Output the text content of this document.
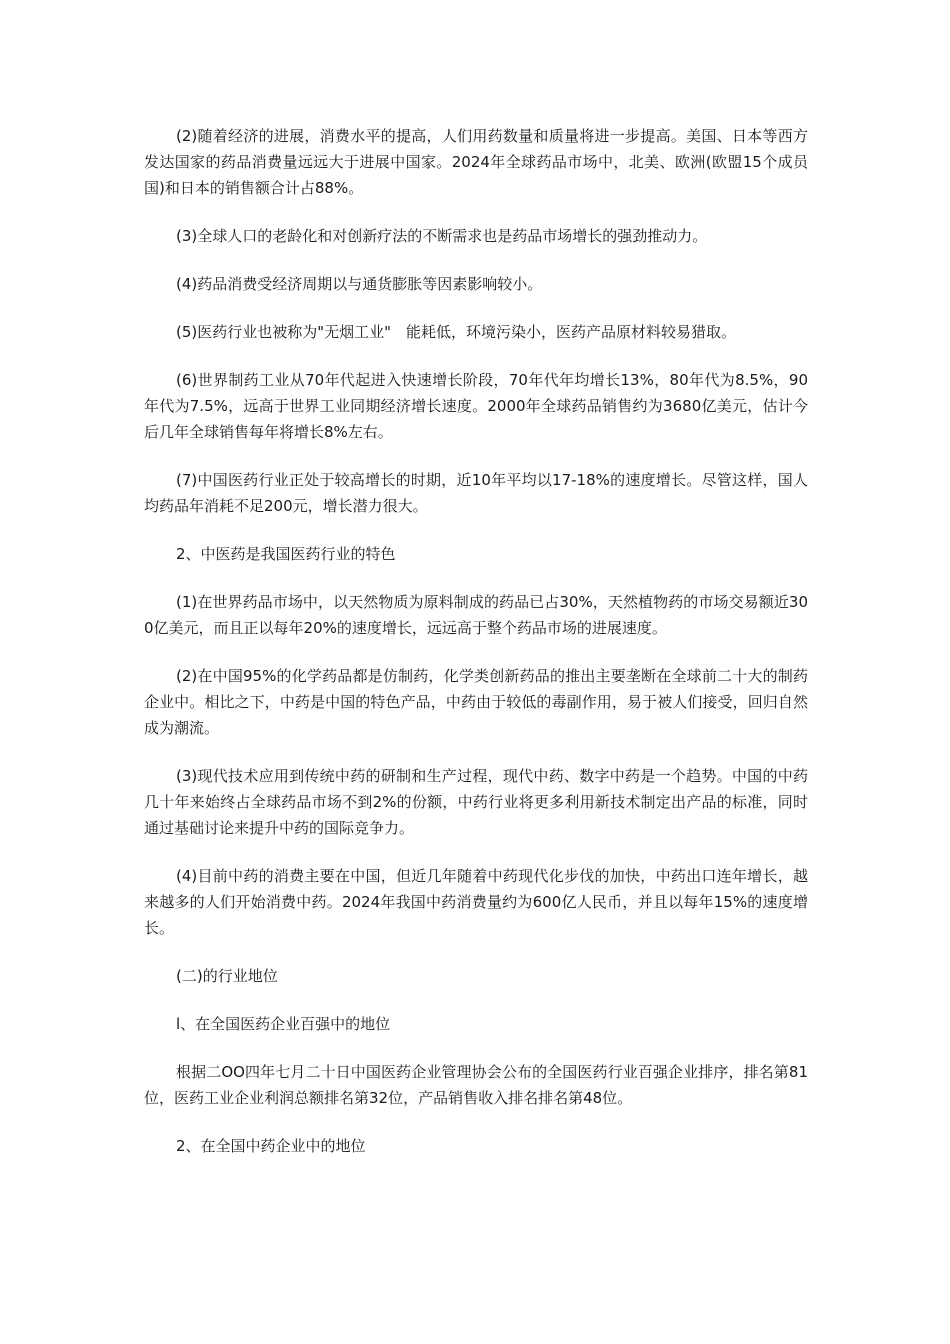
(2)随着经济的进展，消费水平的提高，人们用药数量和质量将进一步提高。美国、日本等西方发达国家的药品消费量远远大于进展中国家。2024年全球药品市场中，北美、欧洲(欧盟15个成员国)和日本的销售额合计占88%。

(3)全球人口的老龄化和对创新疗法的不断需求也是药品市场增长的强劲推动力。

(4)药品消费受经济周期以与通货膨胀等因素影响较小。

(5)医药行业也被称为"无烟工业"　能耗低，环境污染小，医药产品原材料较易猎取。

(6)世界制药工业从70年代起进入快速增长阶段，70年代年均增长13%，80年代为8.5%，90年代为7.5%，远高于世界工业同期经济增长速度。2000年全球药品销售约为3680亿美元，估计今后几年全球销售每年将增长8%左右。

(7)中国医药行业正处于较高增长的时期，近10年平均以17-18%的速度增长。尽管这样，国人均药品年消耗不足200元，增长潜力很大。

2、中医药是我国医药行业的特色

(1)在世界药品市场中，以天然物质为原料制成的药品已占30%，天然植物药的市场交易额近300亿美元，而且正以每年20%的速度增长，远远高于整个药品市场的进展速度。

(2)在中国95%的化学药品都是仿制药，化学类创新药品的推出主要垄断在全球前二十大的制药企业中。相比之下，中药是中国的特色产品，中药由于较低的毒副作用，易于被人们接受，回归自然成为潮流。

(3)现代技术应用到传统中药的研制和生产过程，现代中药、数字中药是一个趋势。中国的中药几十年来始终占全球药品市场不到2%的份额，中药行业将更多利用新技术制定出产品的标准，同时通过基础讨论来提升中药的国际竞争力。

(4)目前中药的消费主要在中国，但近几年随着中药现代化步伐的加快，中药出口连年增长，越来越多的人们开始消费中药。2024年我国中药消费量约为600亿人民币，并且以每年15%的速度增长。

(二)的行业地位

l、在全国医药企业百强中的地位

根据二OO四年七月二十日中国医药企业管理协会公布的全国医药行业百强企业排序，排名第81位，医药工业企业利润总额排名第32位，产品销售收入排名排名第48位。

2、在全国中药企业中的地位
